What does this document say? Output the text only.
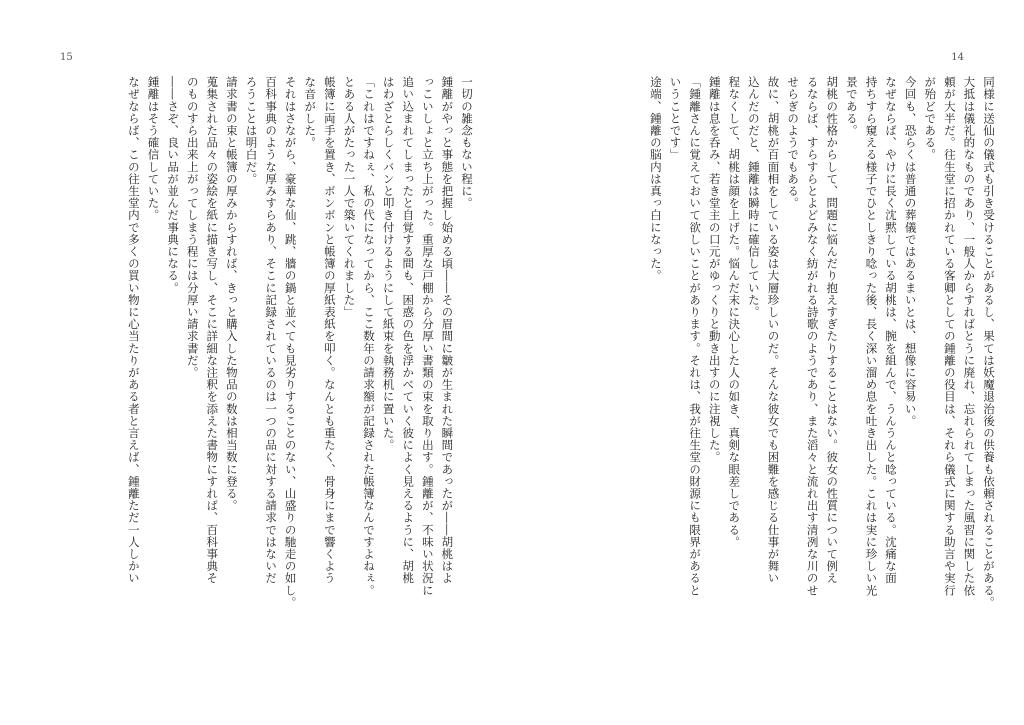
15

一切の雑念もない程に。

鍾離がやっと事態を把握し始める頃――その眉間に皺が生まれた瞬間であったが――胡桃はよ

っこいしょと立ち上がった。重厚な戸棚から分厚い書類の束を取り出す。鍾離が、不味い状況に

追い込まれてしまったと自覚する間も、困惑の色を浮かべていく彼によく見えるように、胡桃

はわざとらしくバンと叩き付けるようにして紙束を執務机に置いた。

「これはですねぇ、私の代になってから、ここ数年の請求額が記録された帳簿なんですよねぇ。

とある人がたった一人で築いてくれました」

帳簿に両手を置き、ボンボンと帳簿の厚紙表紙を叩く。なんとも重たく、骨身にまで響くよう

な音がした。

それはさながら、豪華な仙、跳、牆の鍋と並べても見劣りすることのない、山盛りの馳走の如し。

百科事典のような厚みすらあり、そこに記録されているのは一つの品に対する請求ではないだ

ろうことは明白だ。

請求書の束と帳簿の厚みからすれば、きっと購入した物品の数は相当数に登る。

蒐集された品々の姿絵を紙に描き写し、そこに詳細な注釈を添えた書物にすれば、百科事典そ

のものすら出来上がってしまう程には分厚い請求書だ。

――さぞ、良い品が並んだ事典になる。

鍾離はそう確信していた。

なぜならば、この往生堂内で多くの買い物に心当たりがある者と言えば、鍾離ただ一人しかい

14

同様に送仙の儀式も引き受けることがあるし、果ては妖魔退治後の供養も依頼されることがある。

大抵は儀礼的なものであり、一般人からすればとうに廃れ、忘れられてしまった風習に関した依

頼が大半だ。往生堂に招かれている客卿としての鍾離の役目は、それら儀式に関する助言や実行

が殆どである。

今回も、恐らくは普通の葬儀ではあるまいとは、想像に容易い。

なぜならば、やけに長く沈黙している胡桃は、腕を組んで、うんうんと唸っている。沈痛な面

持ちすら窺える様子でひとしきり唸った後、長く深い溜め息を吐き出した。これは実に珍しい光

景である。

胡桃の性格からして、問題に悩んだり抱えすぎたりすることはない。彼女の性質について例え

るならば、すらすらとよどみなく紡がれる詩歌のようであり、また滔々と流れ出す清冽な川のせ

せらぎのようでもある。

故に、胡桃が百面相をしている姿は大層珍しいのだ。そんな彼女でも困難を感じる仕事が舞い

込んだのだと、鍾離は瞬時に確信していた。

程なくして、胡桃は顔を上げた。悩んだ末に決心した人の如き、真剣な眼差しである。

鍾離は息を呑み、若き堂主の口元がゆっくりと動き出すのに注視した。

「鍾離さんに覚えておいて欲しいことがあります。それは、我が往生堂の財源にも限界があると

いうことです」

途端、鍾離の脳内は真っ白になった。
